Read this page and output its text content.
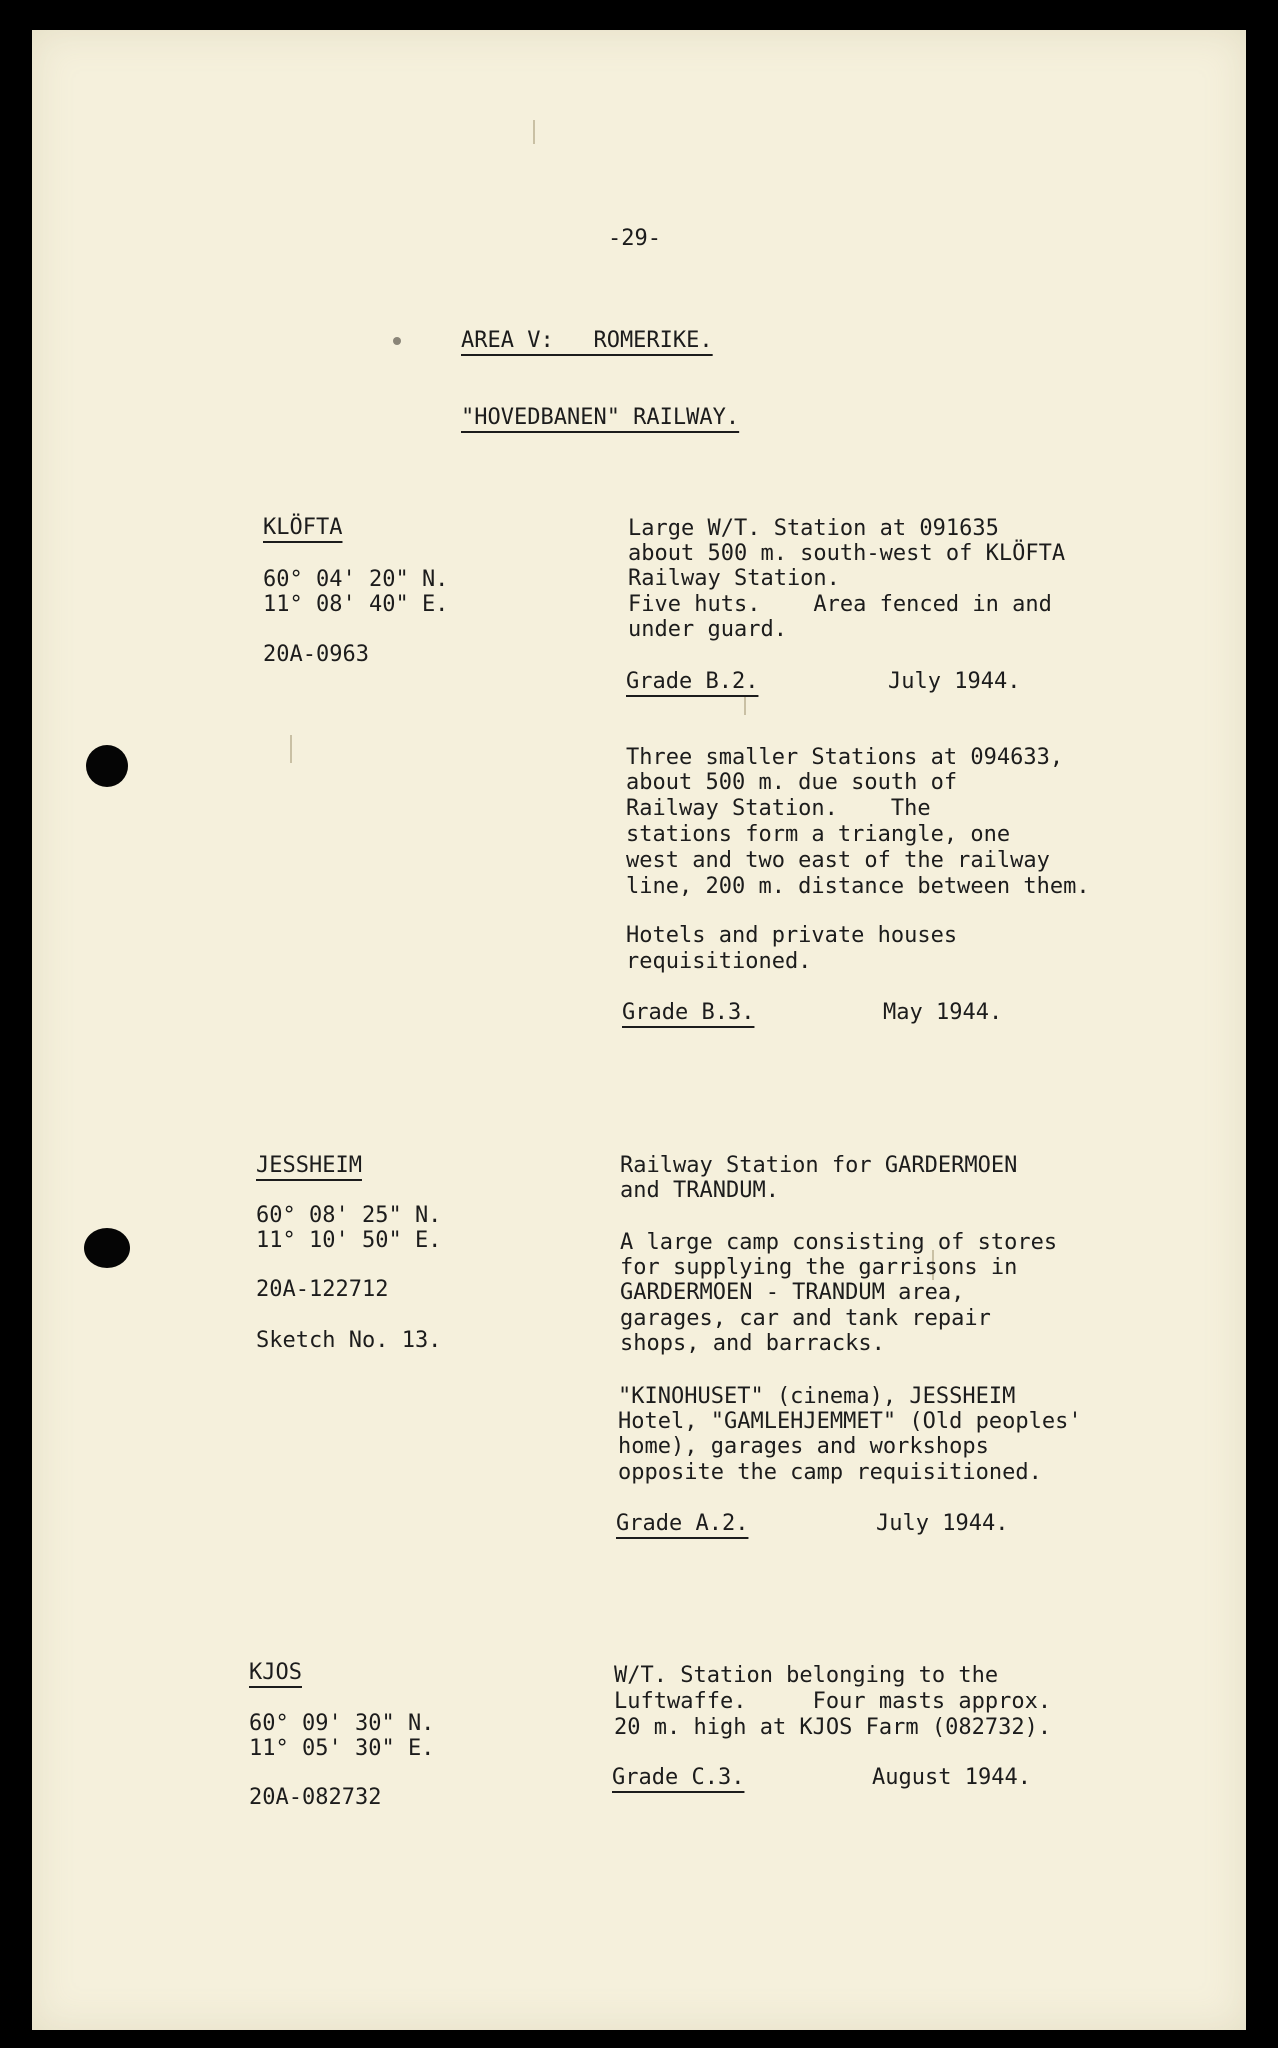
-29-
AREA V:   ROMERIKE.
"HOVEDBANEN" RAILWAY.
KLÖFTA
60° 04' 20" N.
11° 08' 40" E.
20A-0963
Large W/T. Station at 091635
about 500 m. south-west of KLÖFTA
Railway Station.
Five huts.    Area fenced in and
under guard.
Grade B.2.	July 1944.
Three smaller Stations at 094633,
about 500 m. due south of
Railway Station.    The
stations form a triangle, one
west and two east of the railway
line, 200 m. distance between them.
Hotels and private houses
requisitioned.
Grade B.3.	May 1944.
JESSHEIM
60° 08' 25" N.
11° 10' 50" E.
20A-122712
Sketch No. 13.
Railway Station for GARDERMOEN
and TRANDUM.
A large camp consisting of stores
for supplying the garrisons in
GARDERMOEN - TRANDUM area,
garages, car and tank repair
shops, and barracks.
"KINOHUSET" (cinema), JESSHEIM
Hotel, "GAMLEHJEMMET" (Old peoples'
home), garages and workshops
opposite the camp requisitioned.
Grade A.2.	July 1944.
KJOS
60° 09' 30" N.
11° 05' 30" E.
20A-082732
W/T. Station belonging to the
Luftwaffe.     Four masts approx.
20 m. high at KJOS Farm (082732).
Grade C.3.	August 1944.
